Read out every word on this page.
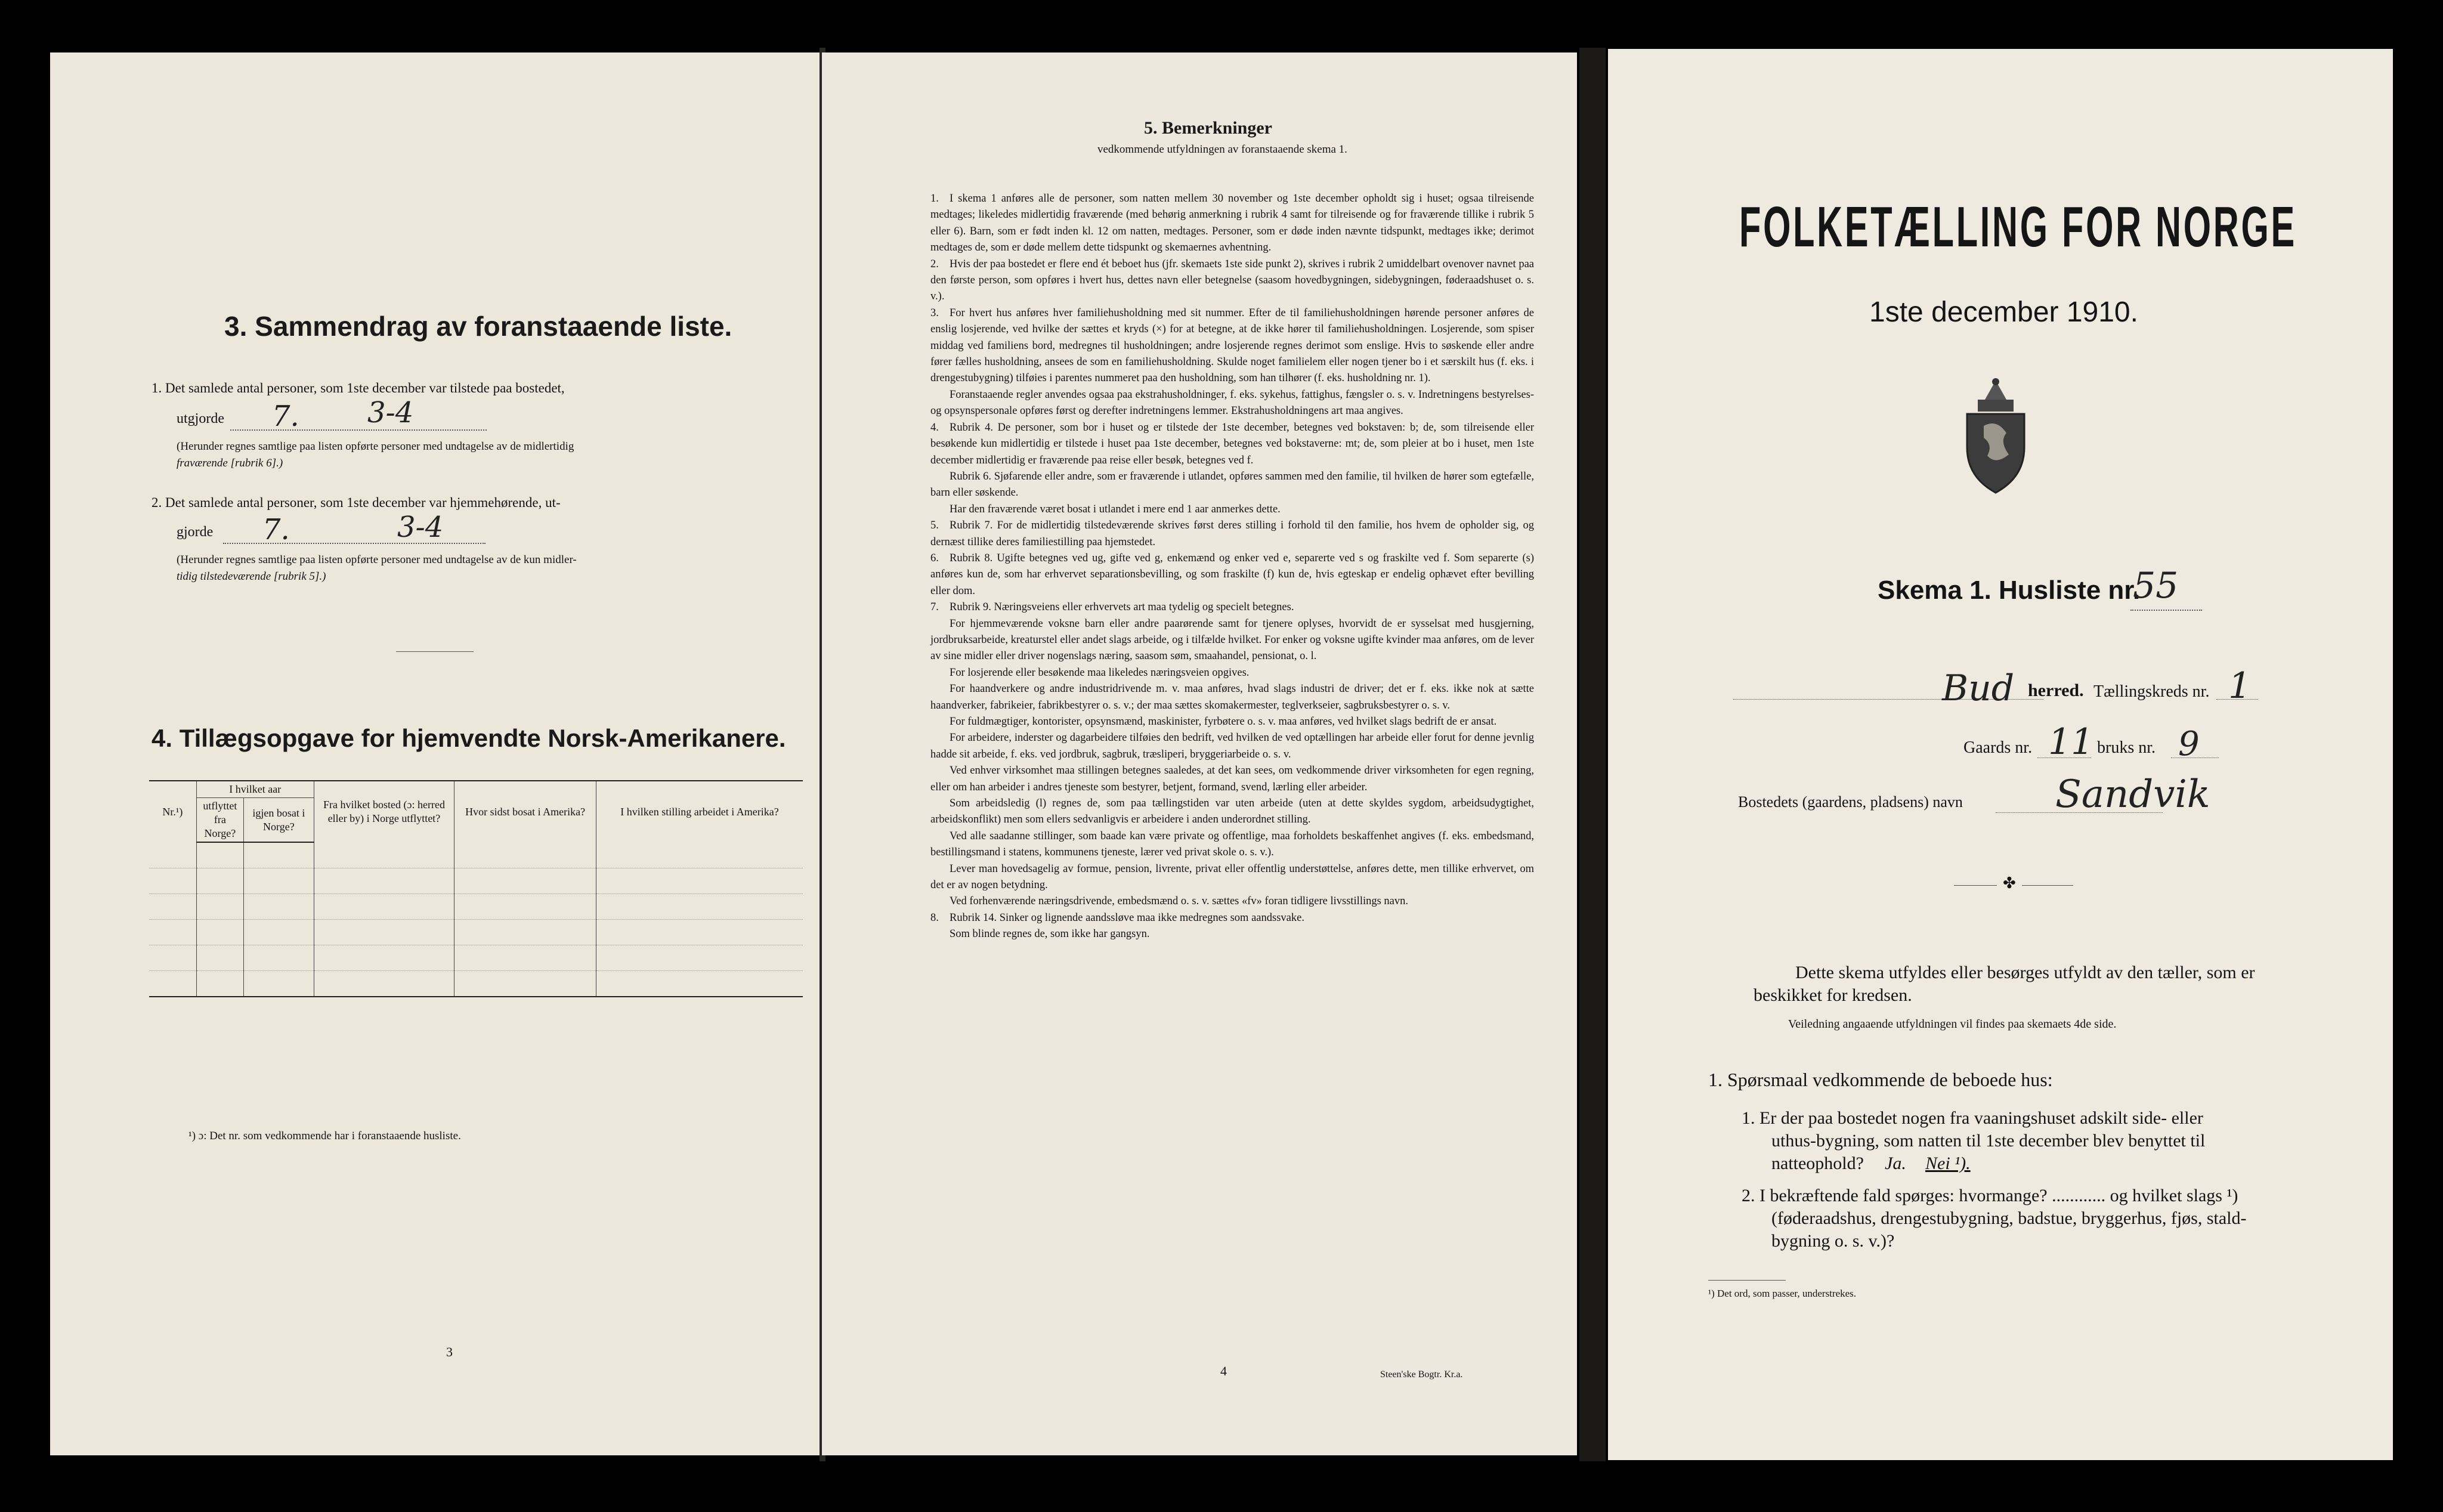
3. Sammendrag av foranstaaende liste.
1. Det samlede antal personer, som 1ste december var tilstede paa bostedet,
utgjorde 7. 3-4
(Herunder regnes samtlige paa listen opførte personer med undtagelse av de midlertidig
fraværende [rubrik 6].)
2. Det samlede antal personer, som 1ste december var hjemmehørende, ut-
gjorde 7.	3-4
(Herunder regnes samtlige paa listen opførte personer med undtagelse av de kun midler-
tidig tilstedeværende [rubrik 5].)
4. Tillægsopgave for hjemvendte Norsk-Amerikanere.
Nr.¹)	I hvilket aar		Fra hvilket bosted (ɔ: herred eller by) i Norge utflyttet?	Hvor sidst bosat i Amerika?	I hvilken stilling arbeidet i Amerika?
	utflyttet fra Norge?	igjen bosat i Norge?			

¹) ɔ: Det nr. som vedkommende har i foranstaaende husliste.
3
5. Bemerkninger
vedkommende utfyldningen av foranstaaende skema 1.

1. I skema 1 anføres alle de personer, som natten mellem 30 november og 1ste december opholdt sig i huset; ogsaa tilreisende medtages; likeledes midlertidig fraværende (med behørig anmerkning i rubrik 4 samt for tilreisende og for fraværende tillike i rubrik 5 eller 6). Barn, som er født inden kl. 12 om natten, medtages. Personer, som er døde inden nævnte tidspunkt, medtages ikke; derimot medtages de, som er døde mellem dette tidspunkt og skemaernes avhentning.

2. Hvis der paa bostedet er flere end ét beboet hus (jfr. skemaets 1ste side punkt 2), skrives i rubrik 2 umiddelbart ovenover navnet paa den første person, som opføres i hvert hus, dettes navn eller betegnelse (saasom hovedbygningen, sidebygningen, føderaadshuset o. s. v.).

3. For hvert hus anføres hver familiehusholdning med sit nummer. Efter de til familiehusholdningen hørende personer anføres de enslig losjerende, ved hvilke der sættes et kryds (×) for at betegne, at de ikke hører til familiehusholdningen. Losjerende, som spiser middag ved familiens bord, medregnes til husholdningen; andre losjerende regnes derimot som enslige. Hvis to søskende eller andre fører fælles husholdning, ansees de som en familiehusholdning. Skulde noget familielem eller nogen tjener bo i et særskilt hus (f. eks. i drengestubygning) tilføies i parentes nummeret paa den husholdning, som han tilhører (f. eks. husholdning nr. 1).

Foranstaaende regler anvendes ogsaa paa ekstrahusholdninger, f. eks. sykehus, fattighus, fængsler o. s. v. Indretningens bestyrelses- og opsynspersonale opføres først og derefter indretningens lemmer. Ekstrahusholdningens art maa angives.

4. Rubrik 4. De personer, som bor i huset og er tilstede der 1ste december, betegnes ved bokstaven: b; de, som tilreisende eller besøkende kun midlertidig er tilstede i huset paa 1ste december, betegnes ved bokstaverne: mt; de, som pleier at bo i huset, men 1ste december midlertidig er fraværende paa reise eller besøk, betegnes ved f.

Rubrik 6. Sjøfarende eller andre, som er fraværende i utlandet, opføres sammen med den familie, til hvilken de hører som egtefælle, barn eller søskende.

Har den fraværende været bosat i utlandet i mere end 1 aar anmerkes dette.

5. Rubrik 7. For de midlertidig tilstedeværende skrives først deres stilling i forhold til den familie, hos hvem de opholder sig, og dernæst tillike deres familiestilling paa hjemstedet.

6. Rubrik 8. Ugifte betegnes ved ug, gifte ved g, enkemænd og enker ved e, separerte ved s og fraskilte ved f. Som separerte (s) anføres kun de, som har erhvervet separationsbevilling, og som fraskilte (f) kun de, hvis egteskap er endelig ophævet efter bevilling eller dom.

7. Rubrik 9. Næringsveiens eller erhvervets art maa tydelig og specielt betegnes.

For hjemmeværende voksne barn eller andre paarørende samt for tjenere oplyses, hvorvidt de er sysselsat med husgjerning, jordbruksarbeide, kreaturstel eller andet slags arbeide, og i tilfælde hvilket. For enker og voksne ugifte kvinder maa anføres, om de lever av sine midler eller driver nogenslags næring, saasom søm, smaahandel, pensionat, o. l.

For losjerende eller besøkende maa likeledes næringsveien opgives.

For haandverkere og andre industridrivende m. v. maa anføres, hvad slags industri de driver; det er f. eks. ikke nok at sætte haandverker, fabrikeier, fabrikbestyrer o. s. v.; der maa sættes skomakermester, teglverkseier, sagbruksbestyrer o. s. v.

For fuldmægtiger, kontorister, opsynsmænd, maskinister, fyrbøtere o. s. v. maa anføres, ved hvilket slags bedrift de er ansat.

For arbeidere, inderster og dagarbeidere tilføies den bedrift, ved hvilken de ved optællingen har arbeide eller forut for denne jevnlig hadde sit arbeide, f. eks. ved jordbruk, sagbruk, træsliperi, bryggeriarbeide o. s. v.

Ved enhver virksomhet maa stillingen betegnes saaledes, at det kan sees, om vedkommende driver virksomheten for egen regning, eller om han arbeider i andres tjeneste som bestyrer, betjent, formand, svend, lærling eller arbeider.

Som arbeidsledig (l) regnes de, som paa tællingstiden var uten arbeide (uten at dette skyldes sygdom, arbeidsudygtighet, arbeidskonflikt) men som ellers sedvanligvis er arbeidere i anden underordnet stilling.

Ved alle saadanne stillinger, som baade kan være private og offentlige, maa forholdets beskaffenhet angives (f. eks. embedsmand, bestillingsmand i statens, kommunens tjeneste, lærer ved privat skole o. s. v.).

Lever man hovedsagelig av formue, pension, livrente, privat eller offentlig understøttelse, anføres dette, men tillike erhvervet, om det er av nogen betydning.

Ved forhenværende næringsdrivende, embedsmænd o. s. v. sættes «fv» foran tidligere livsstillings navn.

8. Rubrik 14. Sinker og lignende aandssløve maa ikke medregnes som aandssvake.

Som blinde regnes de, som ikke har gangsyn.

4	Steen'ske Bogtr. Kr.a.
FOLKETÆLLING FOR NORGE
1ste december 1910.
Skema 1. Husliste nr.
55
Bud herred. Tællingskreds nr. 1
Gaards nr. 11 bruks nr. 9
Bostedets (gaardens, pladsens) navn Sandvik
✤
Dette skema utfyldes eller besørges utfyldt av den tæller, som er
beskikket for kredsen.
Veiledning angaaende utfyldningen vil findes paa skemaets 4de side.
1. Spørsmaal vedkommende de beboede hus:
1. Er der paa bostedet nogen fra vaaningshuset adskilt side- eller
uthus-bygning, som natten til 1ste december blev benyttet til
natteophold? Ja. Nei ¹).
2. I bekræftende fald spørges: hvormange? ............ og hvilket slags ¹)
(føderaadshus, drengestubygning, badstue, bryggerhus, fjøs, stald-
bygning o. s. v.)?
¹) Det ord, som passer, understrekes.
